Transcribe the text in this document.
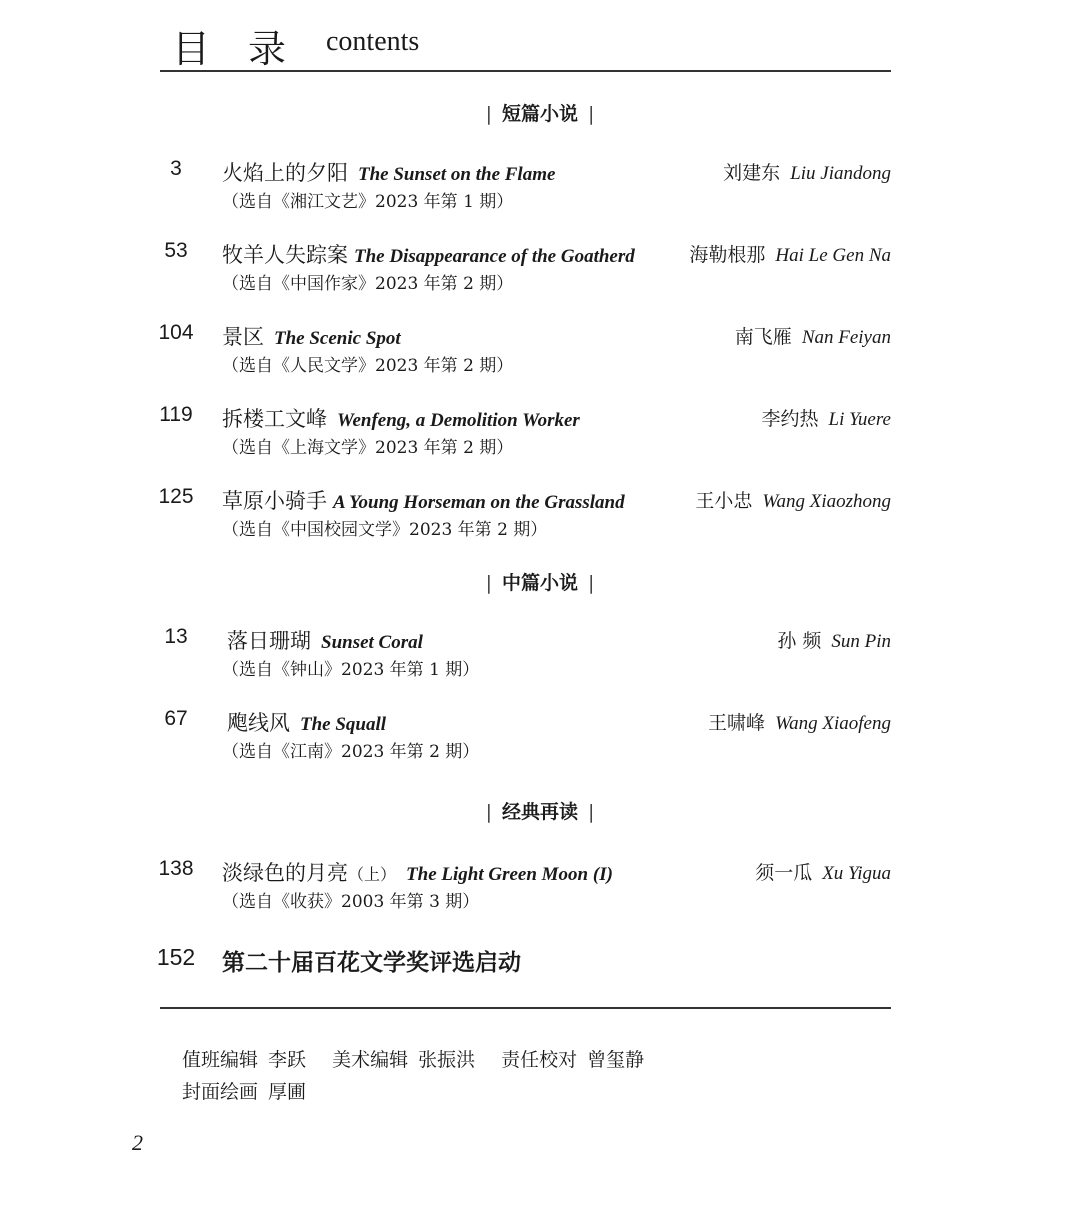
目录 contents
| 短篇小说 |
3	火焰上的夕阳 The Sunset on the Flame	刘建东 Liu Jiandong
（选自《湘江文艺》2023 年第 1 期）
53	牧羊人失踪案 The Disappearance of the Goatherd	海勒根那 Hai Le Gen Na
（选自《中国作家》2023 年第 2 期）
104	景区 The Scenic Spot	南飞雁 Nan Feiyan
（选自《人民文学》2023 年第 2 期）
119	拆楼工文峰 Wenfeng, a Demolition Worker	李约热 Li Yuere
（选自《上海文学》2023 年第 2 期）
125	草原小骑手 A Young Horseman on the Grassland	王小忠 Wang Xiaozhong
（选自《中国校园文学》2023 年第 2 期）
| 中篇小说 |
13	落日珊瑚 Sunset Coral	孙 频 Sun Pin
（选自《钟山》2023 年第 1 期）
67	飑线风 The Squall	王啸峰 Wang Xiaofeng
（选自《江南》2023 年第 2 期）
| 经典再读 |
138	淡绿色的月亮（上） The Light Green Moon (I)	须一瓜 Xu Yigua
（选自《收获》2003 年第 3 期）
152 第二十届百花文学奖评选启动
值班编辑 李跃 美术编辑 张振洪 责任校对 曾玺静
封面绘画 厚圃
2
